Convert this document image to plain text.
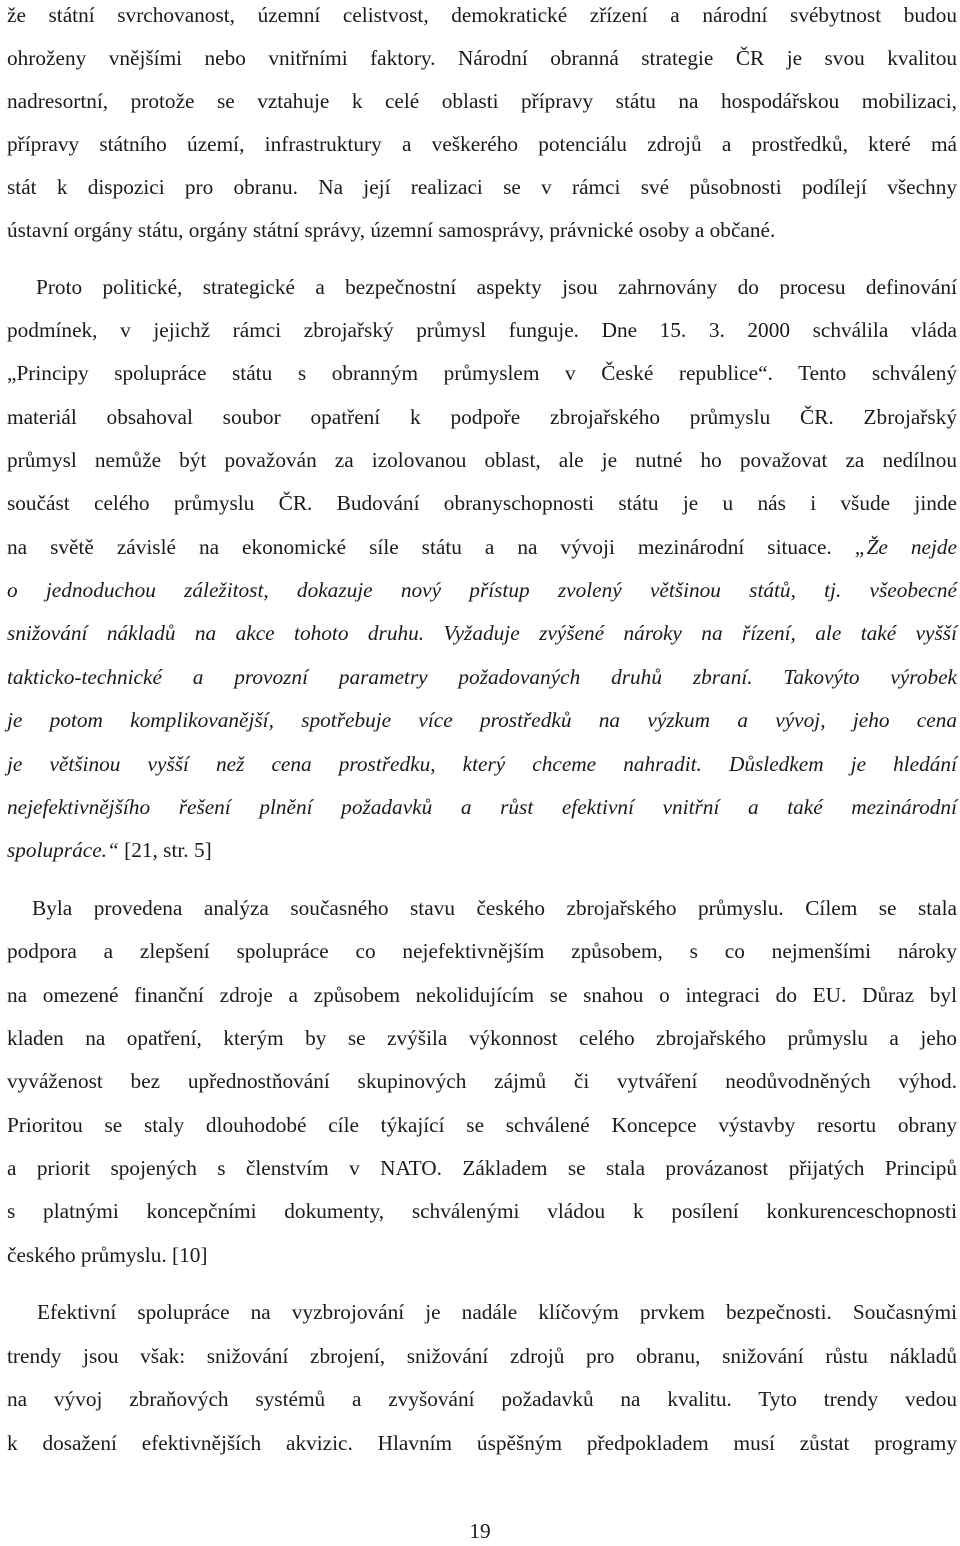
že státní svrchovanost, územní celistvost, demokratické zřízení a národní svébytnost budou
ohroženy vnějšími nebo vnitřními faktory. Národní obranná strategie ČR je svou kvalitou
nadresortní, protože se vztahuje k celé oblasti přípravy státu na hospodářskou mobilizaci,
přípravy státního území, infrastruktury a veškerého potenciálu zdrojů a prostředků, které má
stát k dispozici pro obranu. Na její realizaci se v rámci své působnosti podílejí všechny
ústavní orgány státu, orgány státní správy, územní samosprávy, právnické osoby a občané.
Proto politické, strategické a bezpečnostní aspekty jsou zahrnovány do procesu definování
podmínek, v jejichž rámci zbrojařský průmysl funguje. Dne 15. 3. 2000 schválila vláda
„Principy spolupráce státu s obranným průmyslem v České republice“. Tento schválený
materiál obsahoval soubor opatření k podpoře zbrojařského průmyslu ČR. Zbrojařský
průmysl nemůže být považován za izolovanou oblast, ale je nutné ho považovat za nedílnou
součást celého průmyslu ČR. Budování obranyschopnosti státu je u nás i všude jinde
na světě závislé na ekonomické síle státu a na vývoji mezinárodní situace. „Že nejde
o jednoduchou záležitost, dokazuje nový přístup zvolený většinou států, tj. všeobecné
snižování nákladů na akce tohoto druhu. Vyžaduje zvýšené nároky na řízení, ale také vyšší
takticko-technické a provozní parametry požadovaných druhů zbraní. Takovýto výrobek
je potom komplikovanější, spotřebuje více prostředků na výzkum a vývoj, jeho cena
je většinou vyšší než cena prostředku, který chceme nahradit. Důsledkem je hledání
nejefektivnějšího řešení plnění požadavků a růst efektivní vnitřní a také mezinárodní
spolupráce.“ [21, str. 5]
Byla provedena analýza současného stavu českého zbrojařského průmyslu. Cílem se stala
podpora a zlepšení spolupráce co nejefektivnějším způsobem, s co nejmenšími nároky
na omezené finanční zdroje a způsobem nekolidujícím se snahou o integraci do EU. Důraz byl
kladen na opatření, kterým by se zvýšila výkonnost celého zbrojařského průmyslu a jeho
vyváženost bez upřednostňování skupinových zájmů či vytváření neodůvodněných výhod.
Prioritou se staly dlouhodobé cíle týkající se schválené Koncepce výstavby resortu obrany
a priorit spojených s členstvím v NATO. Základem se stala provázanost přijatých Principů
s platnými koncepčními dokumenty, schválenými vládou k posílení konkurenceschopnosti
českého průmyslu. [10]
Efektivní spolupráce na vyzbrojování je nadále klíčovým prvkem bezpečnosti. Současnými
trendy jsou však: snižování zbrojení, snižování zdrojů pro obranu, snižování růstu nákladů
na vývoj zbraňových systémů a zvyšování požadavků na kvalitu. Tyto trendy vedou
k dosažení efektivnějších akvizic. Hlavním úspěšným předpokladem musí zůstat programy
19
